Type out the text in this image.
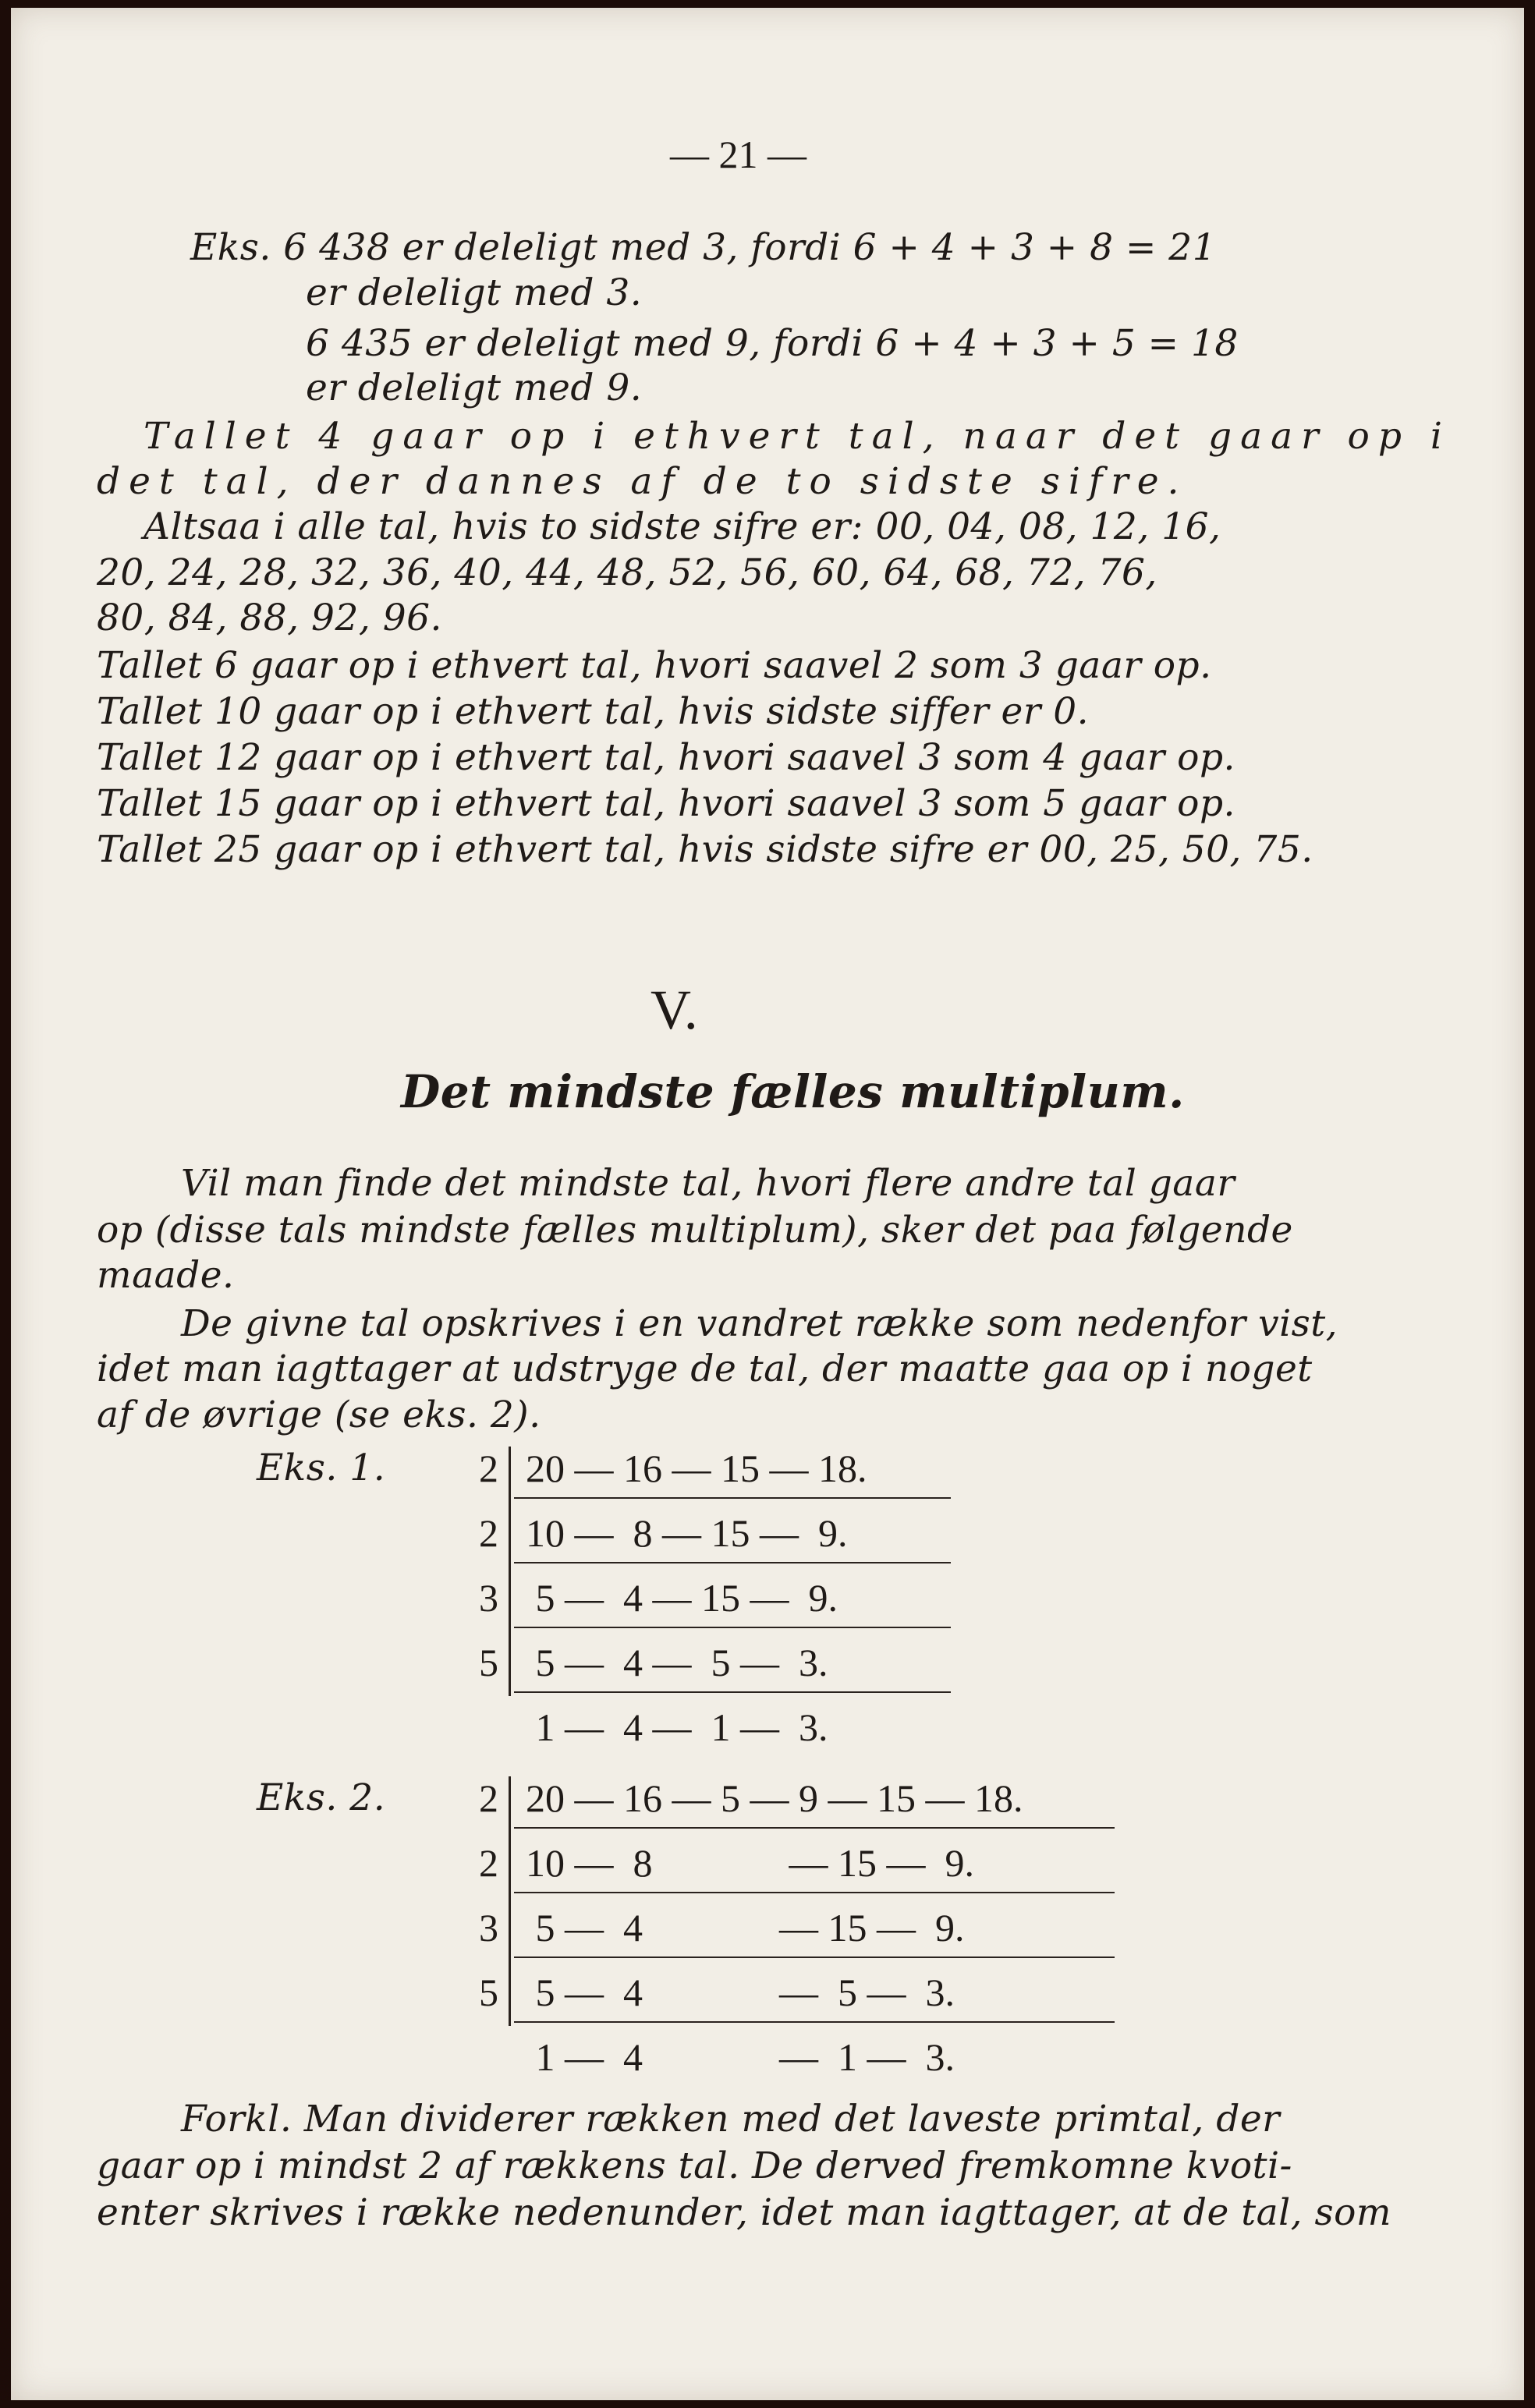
— 21 —
Eks. 6 438 er deleligt med 3, fordi 6 + 4 + 3 + 8 = 21
er deleligt med 3.
6 435 er deleligt med 9, fordi 6 + 4 + 3 + 5 = 18
er deleligt med 9.
Tallet 4 gaar op i ethvert tal, naar det gaar op i
det tal, der dannes af de to sidste sifre.
Altsaa i alle tal, hvis to sidste sifre er: 00, 04, 08, 12, 16,
20, 24, 28, 32, 36, 40, 44, 48, 52, 56, 60, 64, 68, 72, 76,
80, 84, 88, 92, 96.
Tallet 6 gaar op i ethvert tal, hvori saavel 2 som 3 gaar op.
Tallet 10 gaar op i ethvert tal, hvis sidste siffer er 0.
Tallet 12 gaar op i ethvert tal, hvori saavel 3 som 4 gaar op.
Tallet 15 gaar op i ethvert tal, hvori saavel 3 som 5 gaar op.
Tallet 25 gaar op i ethvert tal, hvis sidste sifre er 00, 25, 50, 75.
V.
Det mindste fælles multiplum.
Vil man finde det mindste tal, hvori flere andre tal gaar
op (disse tals mindste fælles multiplum), sker det paa følgende
maade.
De givne tal opskrives i en vandret række som nedenfor vist,
idet man iagttager at udstryge de tal, der maatte gaa op i noget
af de øvrige (se eks. 2).
Eks. 1.	2
2
3
5
20 — 16 — 15 — 18.
10 —  8 — 15 —  9.
5 —  4 — 15 —  9.
5 —  4 —  5 —  3.
1 —  4 —  1 —  3.
Eks. 2.	2
2
3
5
20 — 16 — 5 — 9 — 15 — 18.
10 —  8              — 15 —  9.
5 —  4              — 15 —  9.
5 —  4              —  5 —  3.
1 —  4              —  1 —  3.
Forkl. Man dividerer rækken med det laveste primtal, der
gaar op i mindst 2 af rækkens tal. De derved fremkomne kvoti-
enter skrives i række nedenunder, idet man iagttager, at de tal, som
